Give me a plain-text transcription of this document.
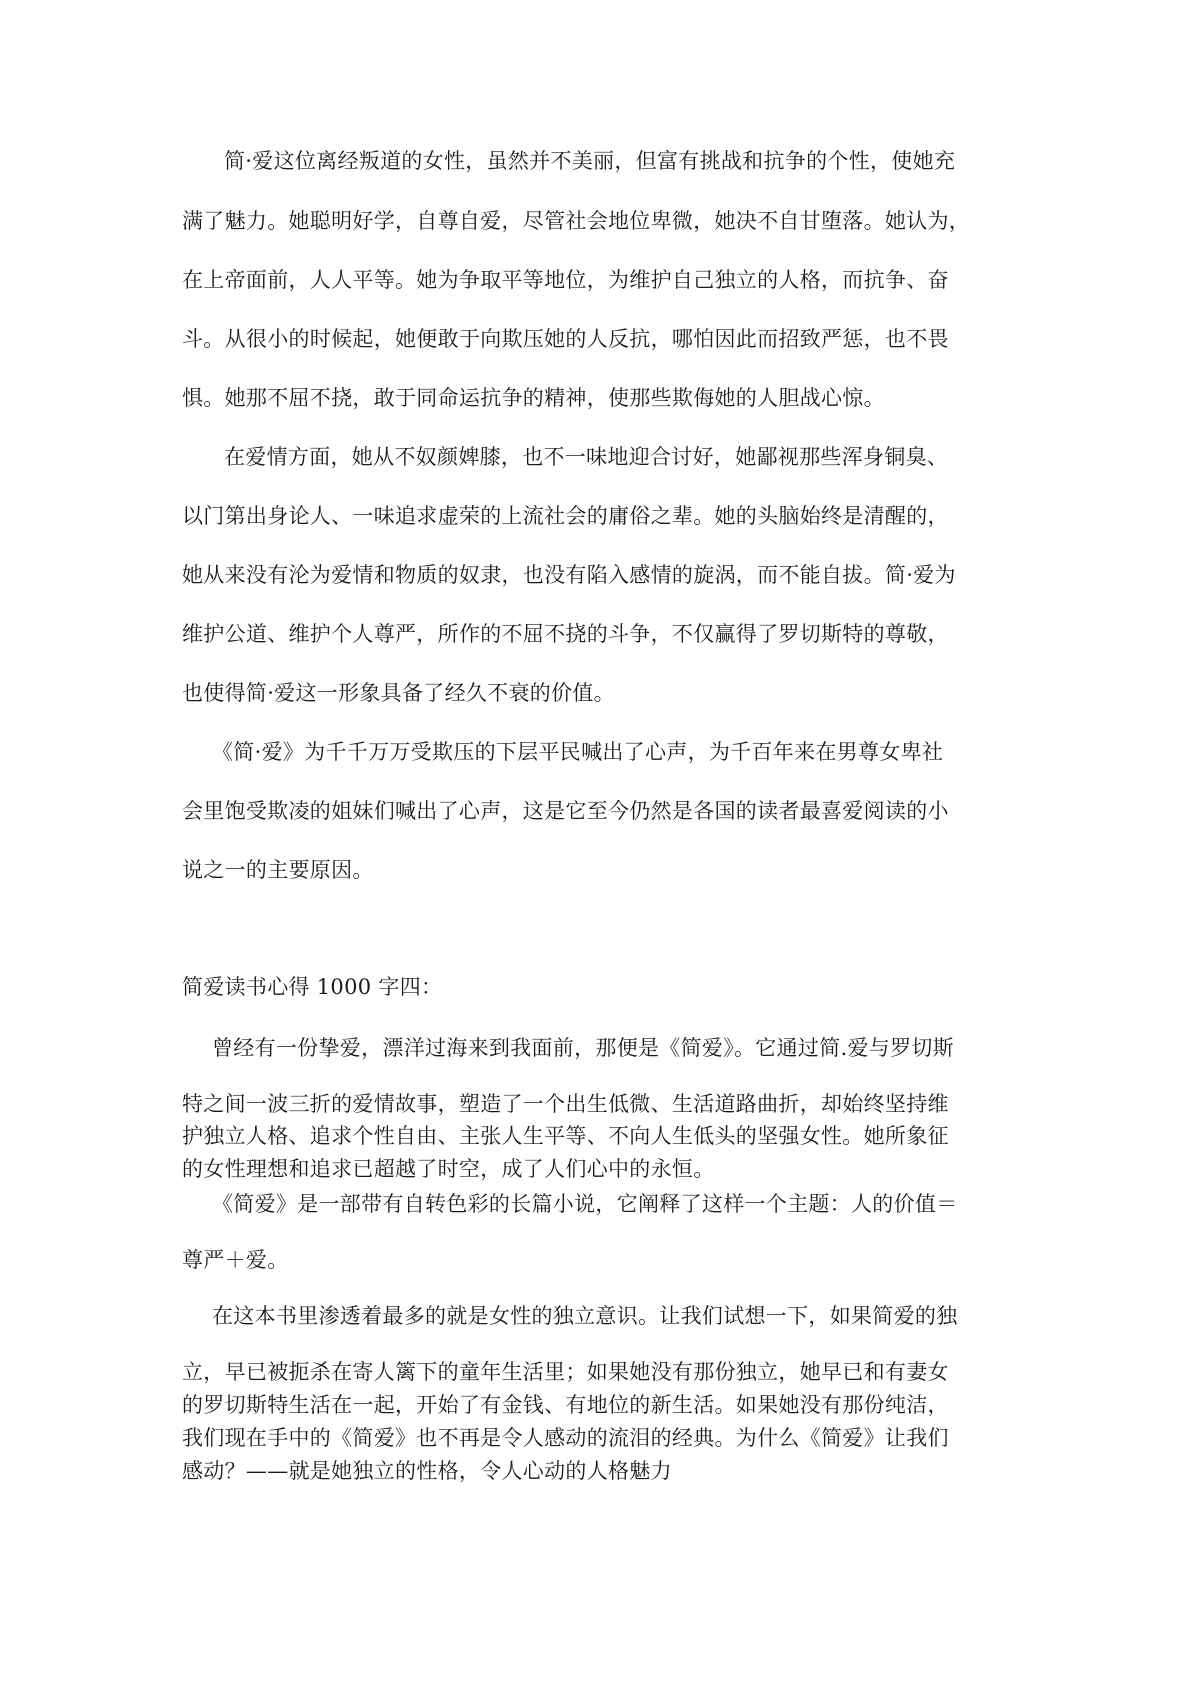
简·爱这位离经叛道的女性，虽然并不美丽，但富有挑战和抗争的个性，使她充
满了魅力。她聪明好学，自尊自爱，尽管社会地位卑微，她决不自甘堕落。她认为，
在上帝面前，人人平等。她为争取平等地位，为维护自己独立的人格，而抗争、奋
斗。从很小的时候起，她便敢于向欺压她的人反抗，哪怕因此而招致严惩，也不畏
惧。她那不屈不挠，敢于同命运抗争的精神，使那些欺侮她的人胆战心惊。
在爱情方面，她从不奴颜婢膝，也不一味地迎合讨好，她鄙视那些浑身铜臭、
以门第出身论人、一味追求虚荣的上流社会的庸俗之辈。她的头脑始终是清醒的，
她从来没有沦为爱情和物质的奴隶，也没有陷入感情的旋涡，而不能自拔。简·爱为
维护公道、维护个人尊严，所作的不屈不挠的斗争，不仅赢得了罗切斯特的尊敬，
也使得简·爱这一形象具备了经久不衰的价值。
《简·爱》为千千万万受欺压的下层平民喊出了心声，为千百年来在男尊女卑社
会里饱受欺凌的姐妹们喊出了心声，这是它至今仍然是各国的读者最喜爱阅读的小
说之一的主要原因。
简爱读书心得 1000 字四：
曾经有一份挚爱，漂洋过海来到我面前，那便是《简爱》。它通过简.爱与罗切斯
特之间一波三折的爱情故事，塑造了一个出生低微、生活道路曲折，却始终坚持维
护独立人格、追求个性自由、主张人生平等、不向人生低头的坚强女性。她所象征
的女性理想和追求已超越了时空，成了人们心中的永恒。
《简爱》是一部带有自转色彩的长篇小说，它阐释了这样一个主题：人的价值＝
尊严＋爱。
在这本书里渗透着最多的就是女性的独立意识。让我们试想一下，如果简爱的独
立，早已被扼杀在寄人篱下的童年生活里；如果她没有那份独立，她早已和有妻女
的罗切斯特生活在一起，开始了有金钱、有地位的新生活。如果她没有那份纯洁，
我们现在手中的《简爱》也不再是令人感动的流泪的经典。为什么《简爱》让我们
感动？——就是她独立的性格，令人心动的人格魅力
